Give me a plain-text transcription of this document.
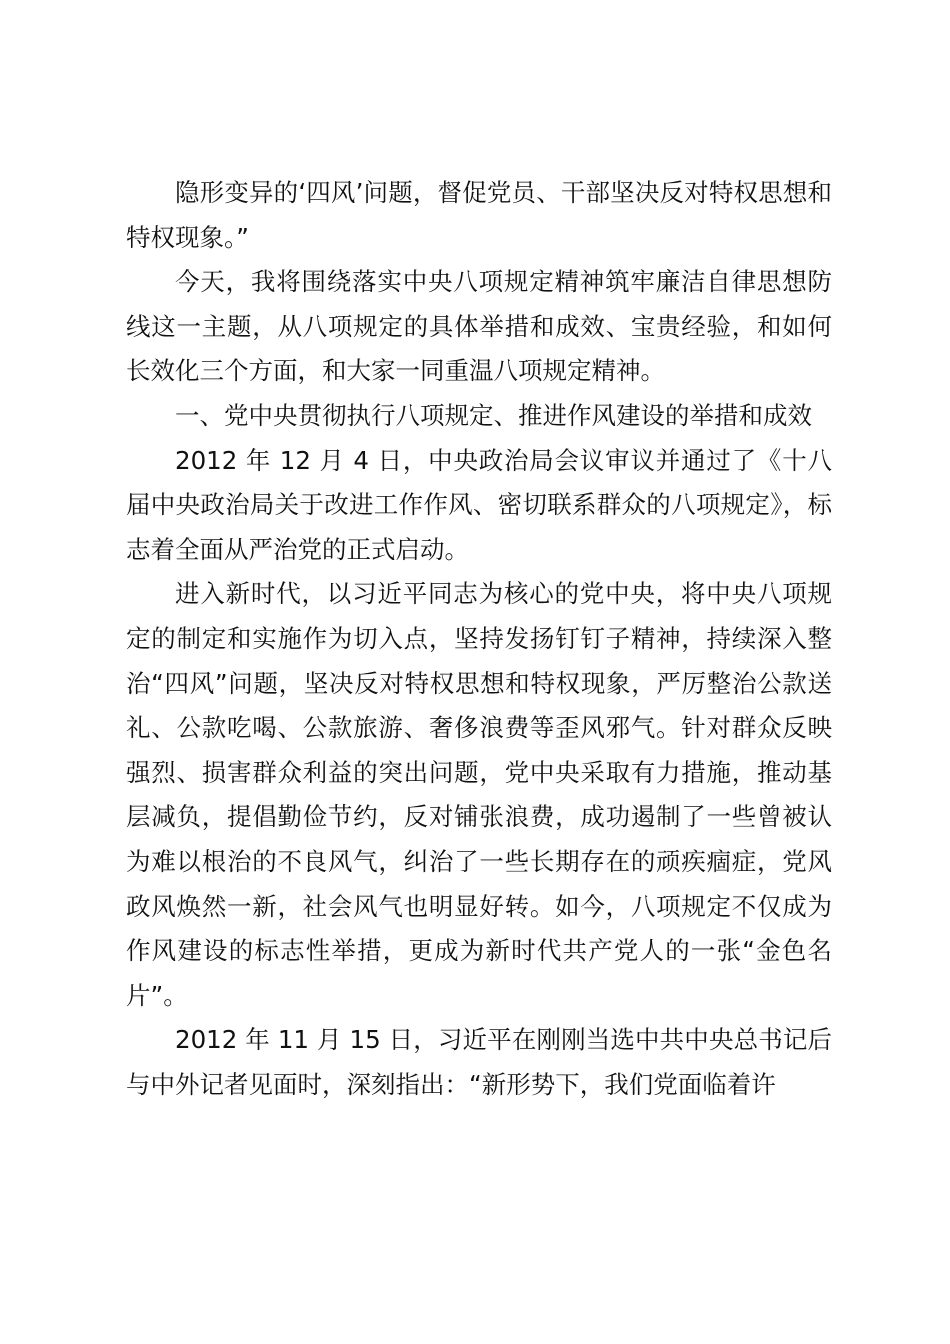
隐形变异的‘四风’问题，督促党员、干部坚决反对特权思想和特权现象。”

今天，我将围绕落实中央八项规定精神筑牢廉洁自律思想防线这一主题，从八项规定的具体举措和成效、宝贵经验，和如何长效化三个方面，和大家一同重温八项规定精神。

一、党中央贯彻执行八项规定、推进作风建设的举措和成效

2012 年 12 月 4 日，中央政治局会议审议并通过了《十八届中央政治局关于改进工作作风、密切联系群众的八项规定》，标志着全面从严治党的正式启动。

进入新时代，以习近平同志为核心的党中央，将中央八项规定的制定和实施作为切入点，坚持发扬钉钉子精神，持续深入整治“四风”问题，坚决反对特权思想和特权现象，严厉整治公款送礼、公款吃喝、公款旅游、奢侈浪费等歪风邪气。针对群众反映强烈、损害群众利益的突出问题，党中央采取有力措施，推动基层减负，提倡勤俭节约，反对铺张浪费，成功遏制了一些曾被认为难以根治的不良风气，纠治了一些长期存在的顽疾痼症，党风政风焕然一新，社会风气也明显好转。如今，八项规定不仅成为作风建设的标志性举措，更成为新时代共产党人的一张“金色名片”。

2012 年 11 月 15 日，习近平在刚刚当选中共中央总书记后与中外记者见面时，深刻指出：“新形势下，我们党面临着许
